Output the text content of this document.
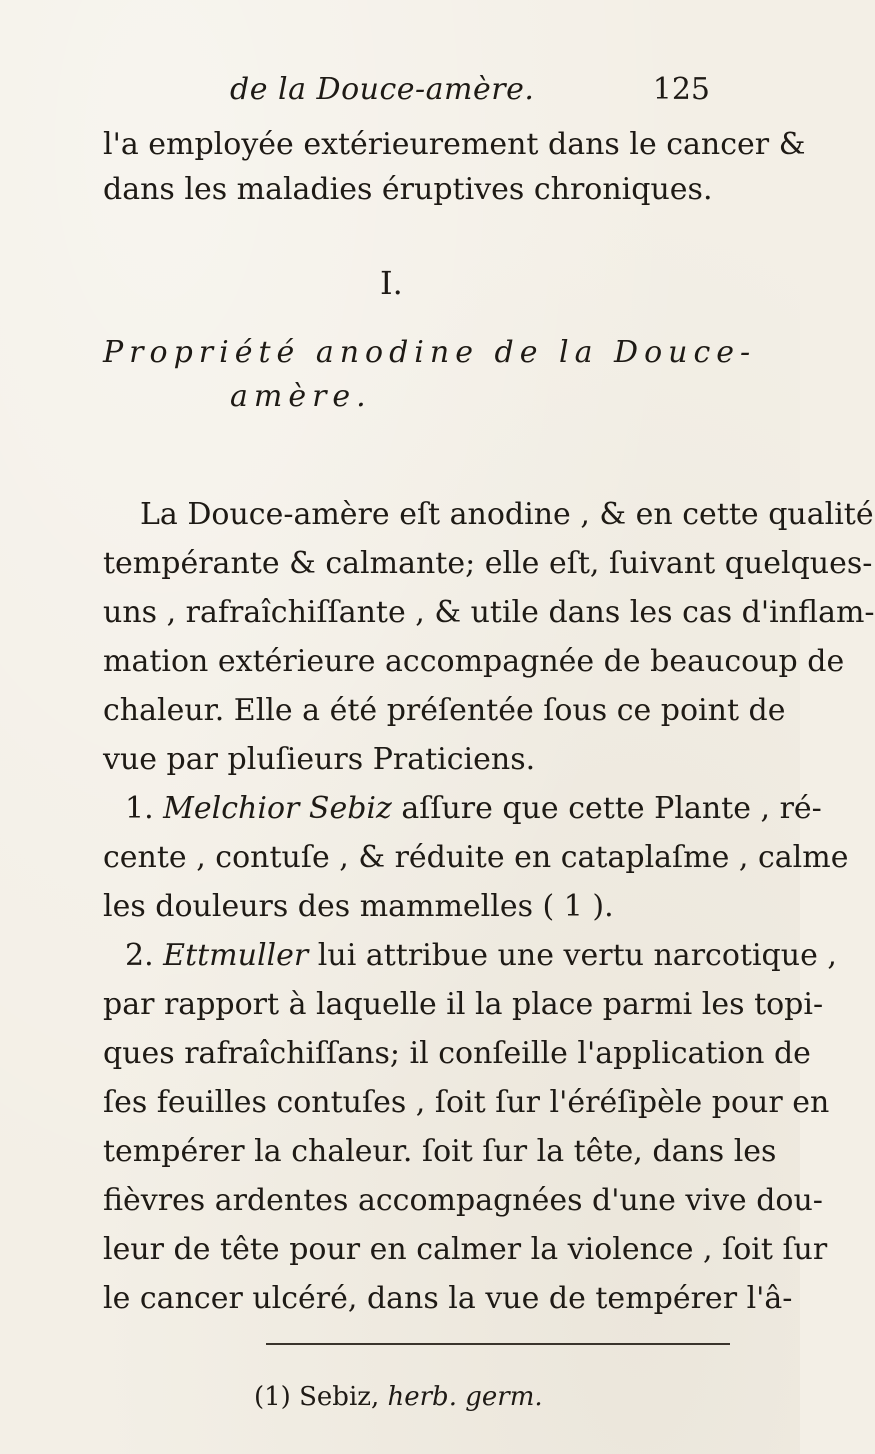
de la Douce-amère.	125
l'a employée extérieurement dans le cancer &
dans les maladies éruptives chroniques.
I.
Propriété anodine de la Douce-
amère.
La Douce-amère eſt anodine , & en cette qualité
tempérante & calmante; elle eſt, ſuivant quelques-
uns , rafraîchiſſante , & utile dans les cas d'inflam-
mation extérieure accompagnée de beaucoup de
chaleur. Elle a été préſentée ſous ce point de
vue par pluſieurs Praticiens.
1. Melchior Sebiz aſſure que cette Plante , ré-
cente , contuſe , & réduite en cataplaſme , calme
les douleurs des mammelles ( 1 ).
2. Ettmuller lui attribue une vertu narcotique ,
par rapport à laquelle il la place parmi les topi-
ques rafraîchiſſans; il conſeille l'application de
ſes feuilles contuſes , ſoit ſur l'éréſipèle pour en
tempérer la chaleur. ſoit ſur la tête, dans les
fièvres ardentes accompagnées d'une vive dou-
leur de tête pour en calmer la violence , ſoit ſur
le cancer ulcéré, dans la vue de tempérer l'â-
(1) Sebiz, herb. germ.
